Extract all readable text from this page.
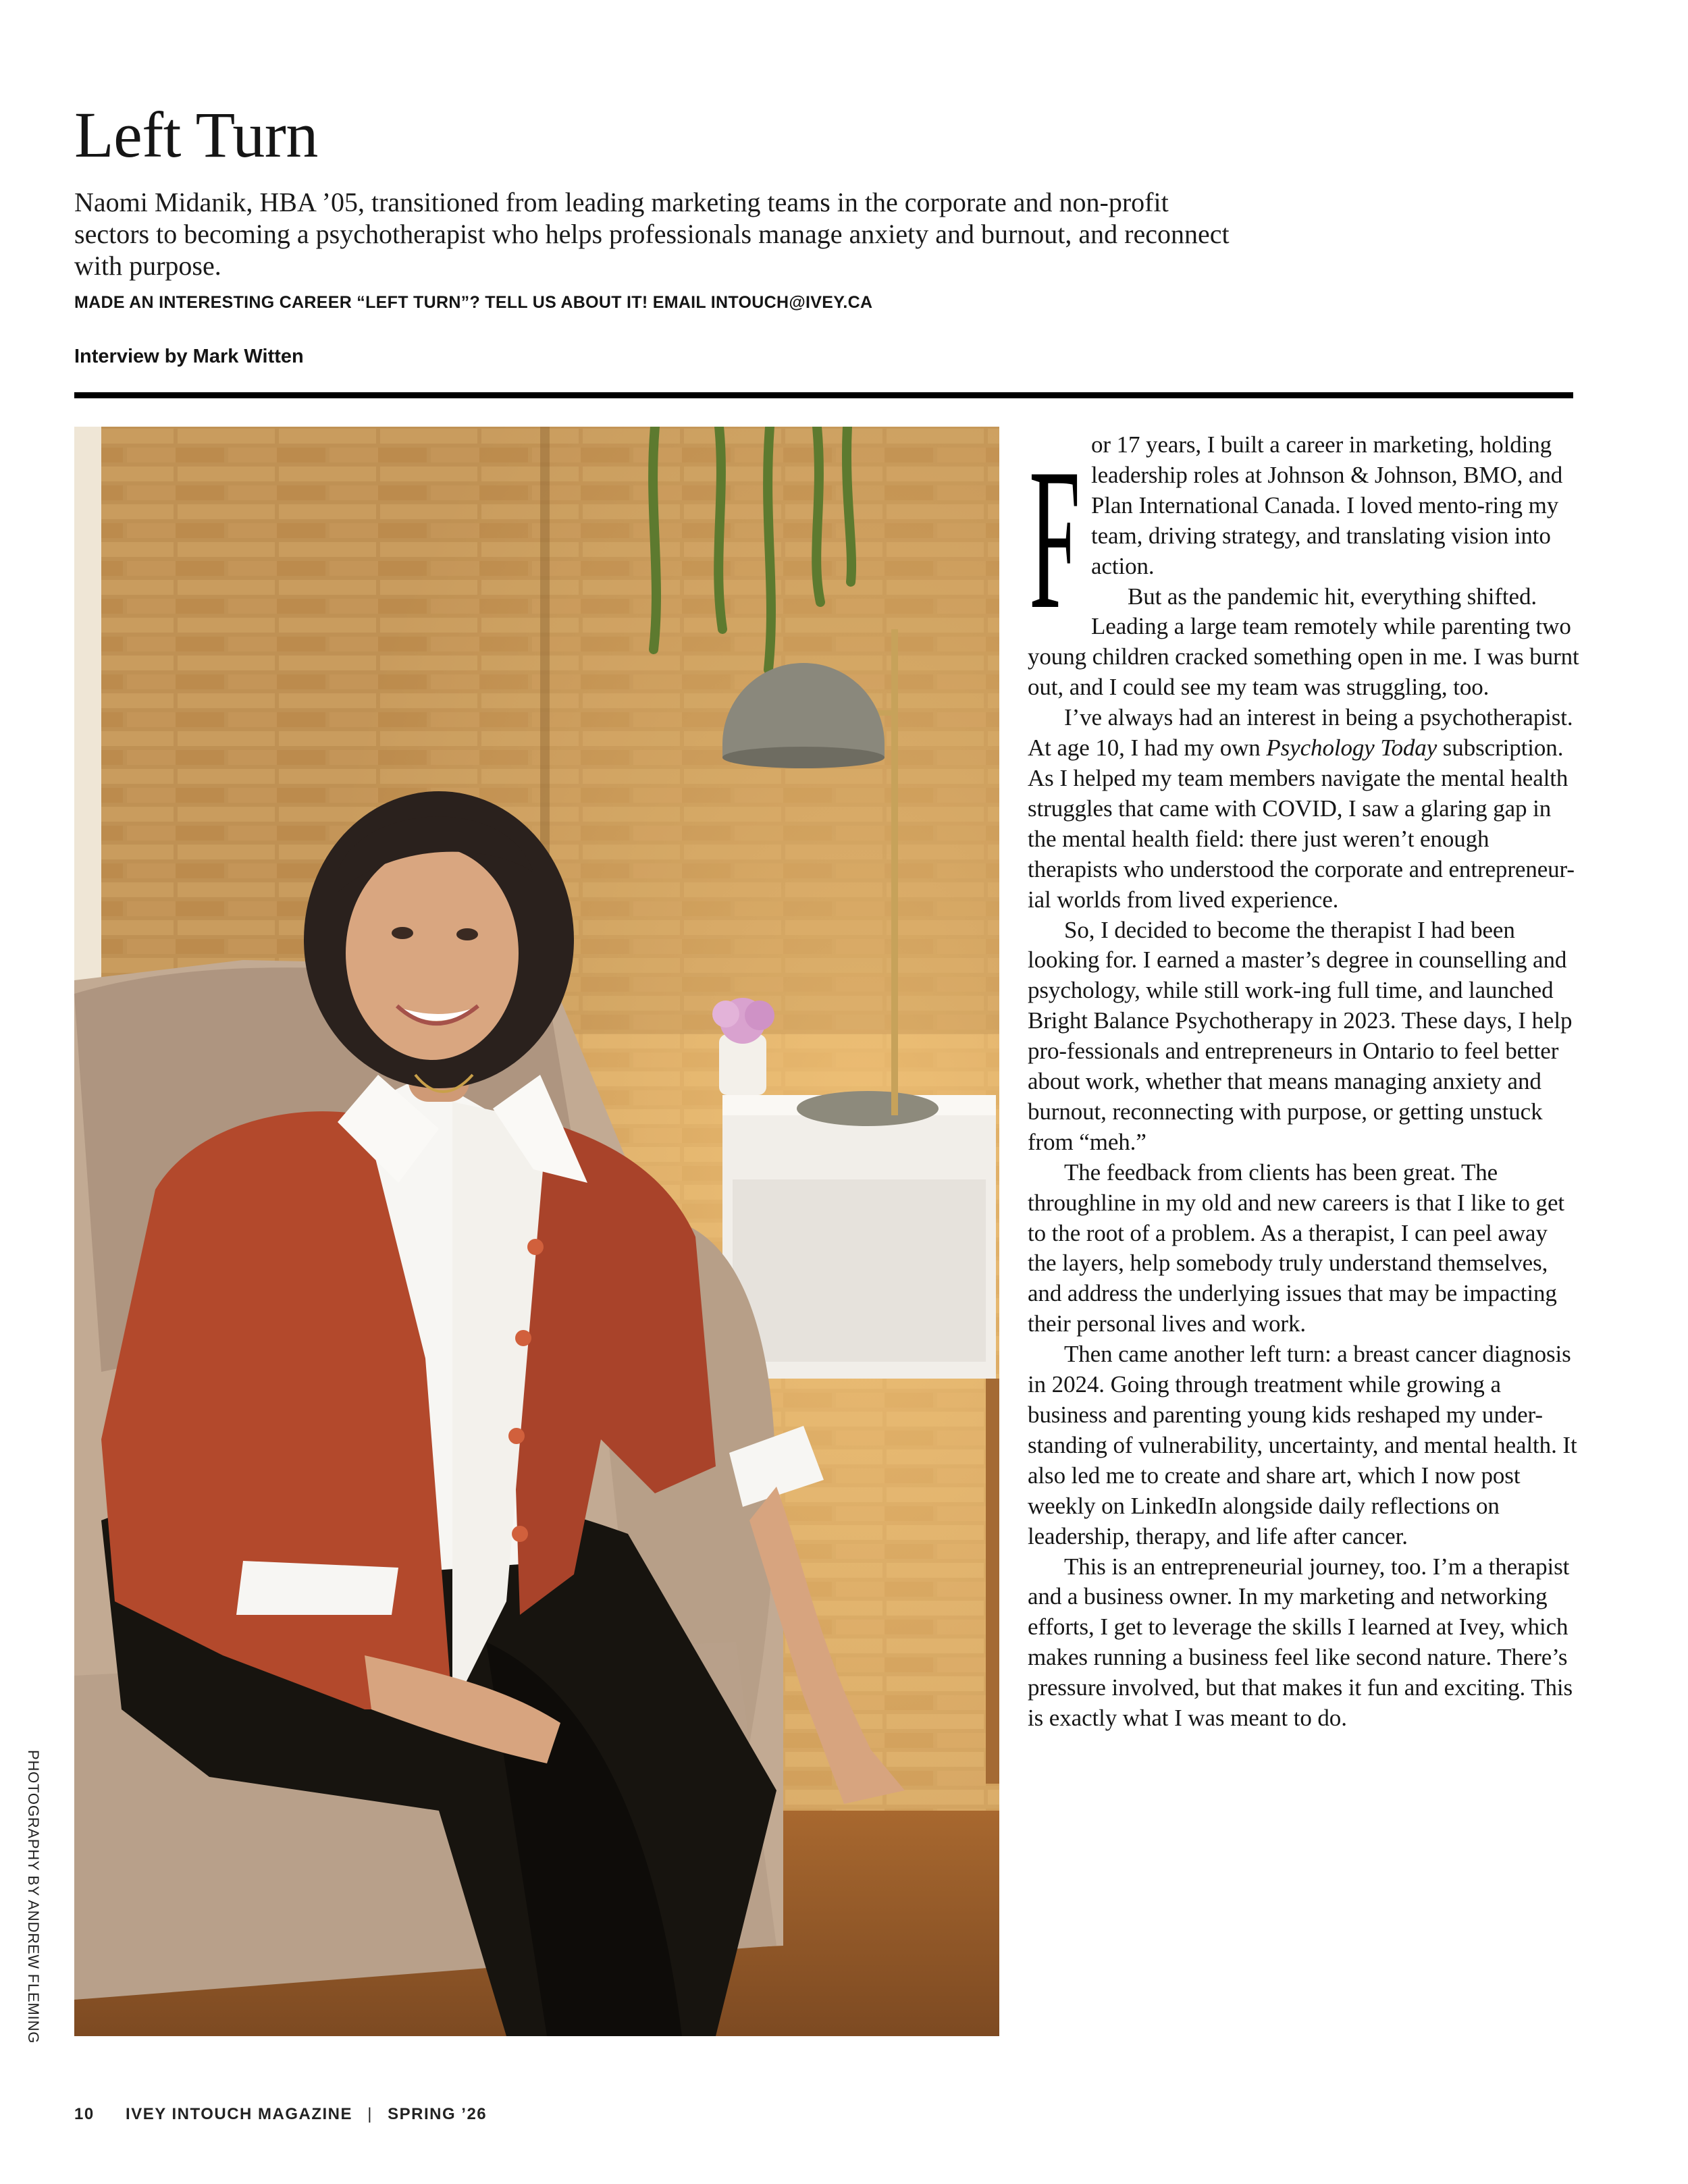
Left Turn

Naomi Midanik, HBA ’05, transitioned from leading marketing teams in the corporate and non-profit sectors to becoming a psychotherapist who helps professionals manage anxiety and burnout, and reconnect with purpose.

MADE AN INTERESTING CAREER “LEFT TURN”? TELL US ABOUT IT! EMAIL INTOUCH@IVEY.CA
Interview by Mark Witten
PHOTOGRAPHY BY ANDREW FLEMING

F or 17 years, I built a career in marketing, holding leadership roles at Johnson & Johnson, BMO, and Plan International Canada. I loved mento-ring my team, driving strategy, and translating vision into action.

But as the pandemic hit, everything shifted. Leading a large team remotely while parenting two young children cracked something open in me. I was burnt out, and I could see my team was struggling, too.

I’ve always had an interest in being a psychotherapist. At age 10, I had my own Psychology Today subscription. As I helped my team members navigate the mental health struggles that came with COVID, I saw a glaring gap in the mental health field: there just weren’t enough therapists who understood the corporate and entrepreneur-ial worlds from lived experience.

So, I decided to become the therapist I had been looking for. I earned a master’s degree in counselling and psychology, while still work-ing full time, and launched Bright Balance Psychotherapy in 2023. These days, I help pro-fessionals and entrepreneurs in Ontario to feel better about work, whether that means managing anxiety and burnout, reconnecting with purpose, or getting unstuck from “meh.”

The feedback from clients has been great. The throughline in my old and new careers is that I like to get to the root of a problem. As a therapist, I can peel away the layers, help somebody truly understand themselves, and address the underlying issues that may be impacting their personal lives and work.

Then came another left turn: a breast cancer diagnosis in 2024. Going through treatment while growing a business and parenting young kids reshaped my under-standing of vulnerability, uncertainty, and mental health. It also led me to create and share art, which I now post weekly on LinkedIn alongside daily reflections on leadership, therapy, and life after cancer.

This is an entrepreneurial journey, too. I’m a therapist and a business owner. In my marketing and networking efforts, I get to leverage the skills I learned at Ivey, which makes running a business feel like second nature. There’s pressure involved, but that makes it fun and exciting. This is exactly what I was meant to do.

10 IVEY INTOUCH MAGAZINE | SPRING ’26
